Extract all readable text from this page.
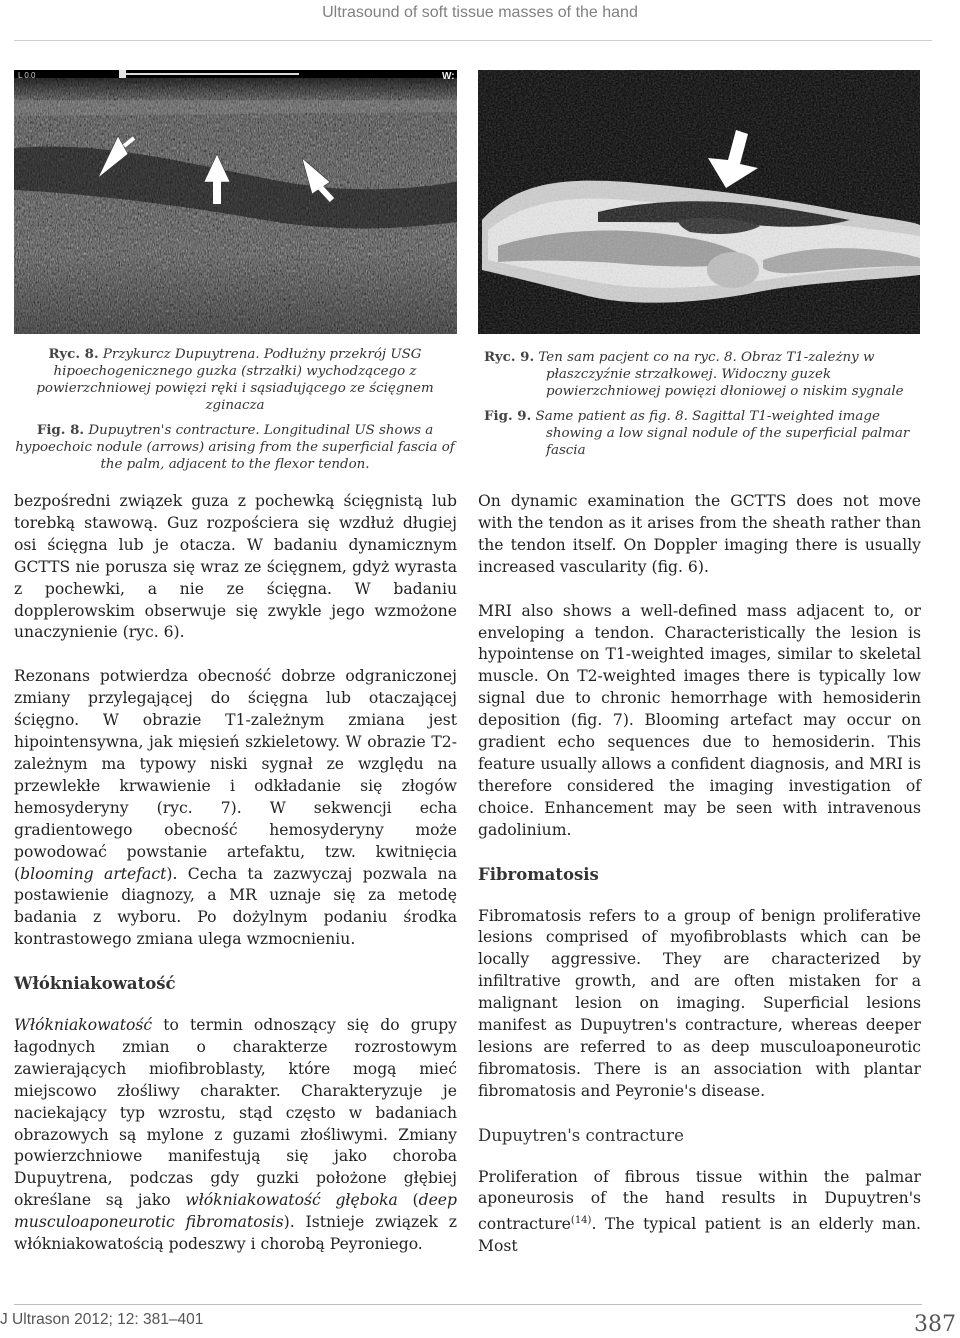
Ultrasound of soft tissue masses of the hand
L 0.0	W:

Ryc. 8. Przykurcz Dupuytrena. Podłużny przekrój USG hipoechogenicznego guzka (strzałki) wychodzącego z powierzchniowej powięzi ręki i sąsiadującego ze ścięgnem zginacza

Fig. 8. Dupuytren's contracture. Longitudinal US shows a hypoechoic nodule (arrows) arising from the superficial fascia of the palm, adjacent to the flexor tendon.

Ryc. 9. Ten sam pacjent co na ryc. 8. Obraz T1-zależny w płaszczyźnie strzałkowej. Widoczny guzek powierzchniowej powięzi dłoniowej o niskim sygnale

Fig. 9. Same patient as fig. 8. Sagittal T1-weighted image showing a low signal nodule of the superficial palmar fascia

bezpośredni związek guza z pochewką ścięgnistą lub torebką stawową. Guz rozpościera się wzdłuż długiej osi ścięgna lub je otacza. W badaniu dynamicznym GCTTS nie porusza się wraz ze ścięgnem, gdyż wyrasta z pochewki, a nie ze ścięgna. W badaniu dopplerowskim obserwuje się zwykle jego wzmożone unaczynienie (ryc. 6).

Rezonans potwierdza obecność dobrze odgraniczonej zmiany przylegającej do ścięgna lub otaczającej ścięgno. W obrazie T1-zależnym zmiana jest hipointensywna, jak mięsień szkieletowy. W obrazie T2-zależnym ma typowy niski sygnał ze względu na przewlekłe krwawienie i odkładanie się złogów hemosyderyny (ryc. 7). W sekwencji echa gradientowego obecność hemosyderyny może powodować powstanie artefaktu, tzw. kwitnięcia (blooming artefact). Cecha ta zazwyczaj pozwala na postawienie diagnozy, a MR uznaje się za metodę badania z wyboru. Po dożylnym podaniu środka kontrastowego zmiana ulega wzmocnieniu.

Włókniakowatość

Włókniakowatość to termin odnoszący się do grupy łagodnych zmian o charakterze rozrostowym zawierających miofibroblasty, które mogą mieć miejscowo złośliwy charakter. Charakteryzuje je naciekający typ wzrostu, stąd często w badaniach obrazowych są mylone z guzami złośliwymi. Zmiany powierzchniowe manifestują się jako choroba Dupuytrena, podczas gdy guzki położone głębiej określane są jako włókniakowatość głęboka (deep musculoaponeurotic fibromatosis). Istnieje związek z włókniakowatością podeszwy i chorobą Peyroniego.

On dynamic examination the GCTTS does not move with the tendon as it arises from the sheath rather than the tendon itself. On Doppler imaging there is usually increased vascularity (fig. 6).

MRI also shows a well-defined mass adjacent to, or enveloping a tendon. Characteristically the lesion is hypointense on T1-weighted images, similar to skeletal muscle. On T2-weighted images there is typically low signal due to chronic hemorrhage with hemosiderin deposition (fig. 7). Blooming artefact may occur on gradient echo sequences due to hemosiderin. This feature usually allows a confident diagnosis, and MRI is therefore considered the imaging investigation of choice. Enhancement may be seen with intravenous gadolinium.

Fibromatosis

Fibromatosis refers to a group of benign proliferative lesions comprised of myofibroblasts which can be locally aggressive. They are characterized by infiltrative growth, and are often mistaken for a malignant lesion on imaging. Superficial lesions manifest as Dupuytren's contracture, whereas deeper lesions are referred to as deep musculoaponeurotic fibromatosis. There is an association with plantar fibromatosis and Peyronie's disease.

Dupuytren's contracture

Proliferation of fibrous tissue within the palmar aponeurosis of the hand results in Dupuytren's contracture$^{(14)}$. The typical patient is an elderly man. Most

J Ultrason 2012; 12: 381–401	387
